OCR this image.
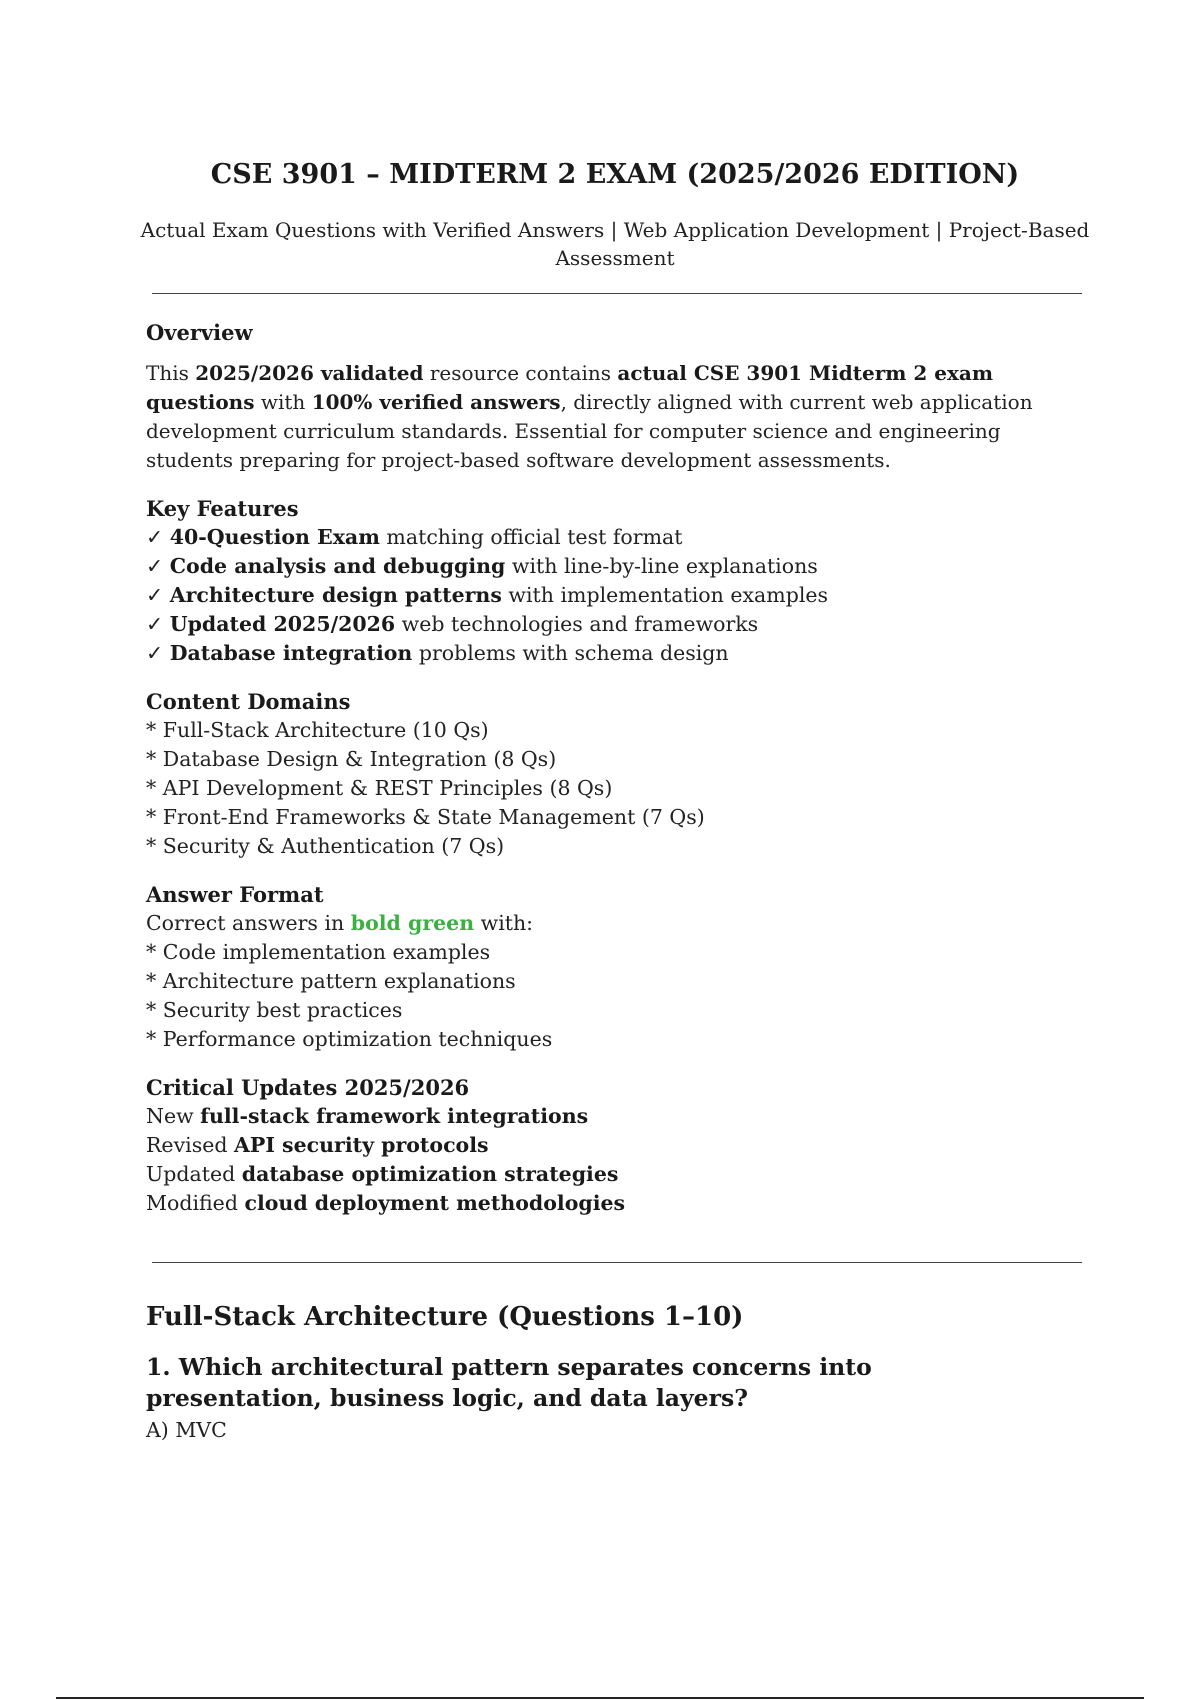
CSE 3901 – MIDTERM 2 EXAM (2025/2026 EDITION)

Actual Exam Questions with Verified Answers | Web Application Development | Project-Based Assessment

Overview

This 2025/2026 validated resource contains actual CSE 3901 Midterm 2 exam questions with 100% verified answers, directly aligned with current web application development curriculum standards. Essential for computer science and engineering students preparing for project-based software development assessments.

Key Features

✓ 40-Question Exam matching official test format

✓ Code analysis and debugging with line-by-line explanations

✓ Architecture design patterns with implementation examples

✓ Updated 2025/2026 web technologies and frameworks

✓ Database integration problems with schema design

Content Domains

* Full-Stack Architecture (10 Qs)

* Database Design & Integration (8 Qs)

* API Development & REST Principles (8 Qs)

* Front-End Frameworks & State Management (7 Qs)

* Security & Authentication (7 Qs)

Answer Format

Correct answers in bold green with:

* Code implementation examples

* Architecture pattern explanations

* Security best practices

* Performance optimization techniques

Critical Updates 2025/2026

New full-stack framework integrations

Revised API security protocols

Updated database optimization strategies

Modified cloud deployment methodologies

Full-Stack Architecture (Questions 1–10)

1. Which architectural pattern separates concerns into presentation, business logic, and data layers?

A) MVC
